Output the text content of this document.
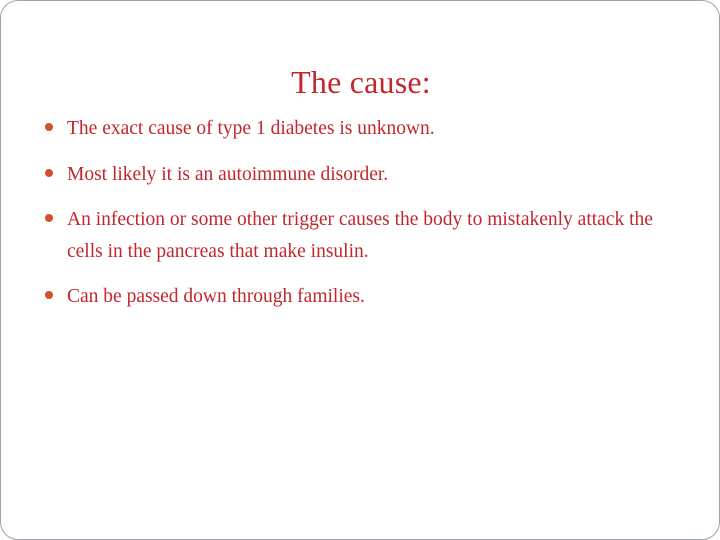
The cause:
The exact cause of type 1 diabetes is unknown.
Most likely it is an autoimmune disorder.
An infection or some other trigger causes the body to mistakenly attack the cells in the pancreas that make insulin.
Can be passed down through families.
